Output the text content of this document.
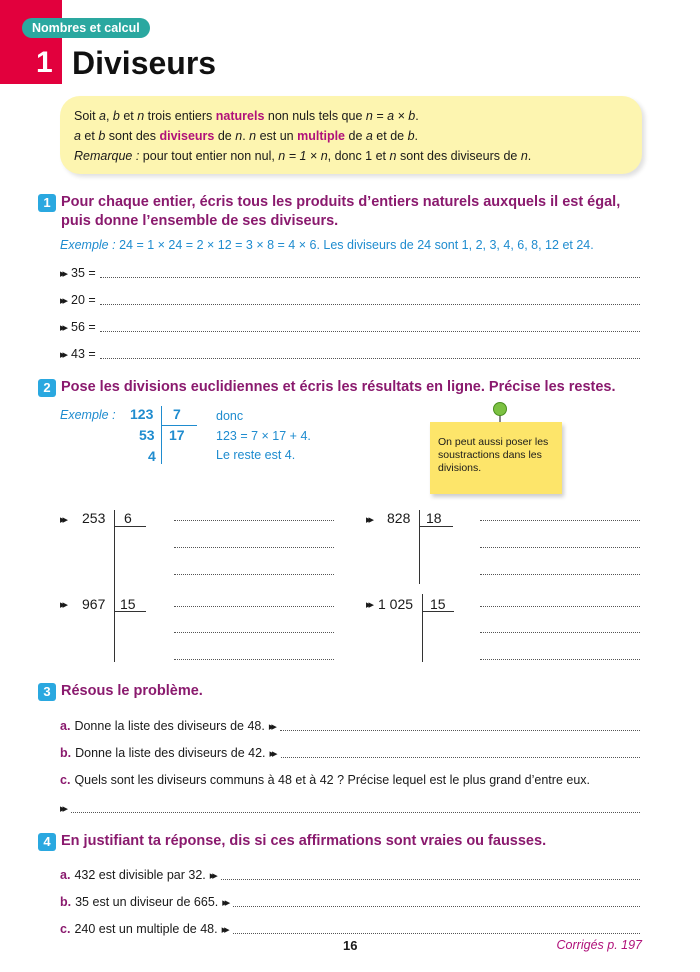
Nombres et calcul
1 Diviseurs
Soit a, b et n trois entiers naturels non nuls tels que n = a × b.
a et b sont des diviseurs de n. n est un multiple de a et de b.
Remarque : pour tout entier non nul, n = 1 × n, donc 1 et n sont des diviseurs de n.
1 Pour chaque entier, écris tous les produits d’entiers naturels auxquels il est égal,
puis donne l’ensemble de ses diviseurs.
Exemple : 24 = 1 × 24 = 2 × 12 = 3 × 8 = 4 × 6. Les diviseurs de 24 sont 1, 2, 3, 4, 6, 8, 12 et 24.
▸▸ 35 =
▸▸ 20 =
▸▸ 56 =
▸▸ 43 =
2 Pose les divisions euclidiennes et écris les résultats en ligne. Précise les restes.
Exemple : 123 7
53 17
4
donc
123 = 7 × 17 + 4.
Le reste est 4.
On peut aussi poser les soustractions dans les divisions.
▸▸ 253 6	▸▸ 828 18
▸▸ 967 15	▸▸ 1 025 15
3 Résous le problème.
a. Donne la liste des diviseurs de 48. ▸▸
b. Donne la liste des diviseurs de 42. ▸▸
c. Quels sont les diviseurs communs à 48 et à 42 ? Précise lequel est le plus grand d’entre eux.
▸▸
4 En justifiant ta réponse, dis si ces affirmations sont vraies ou fausses.
a. 432 est divisible par 32. ▸▸
b. 35 est un diviseur de 665. ▸▸
c. 240 est un multiple de 48. ▸▸
16	Corrigés p. 197
